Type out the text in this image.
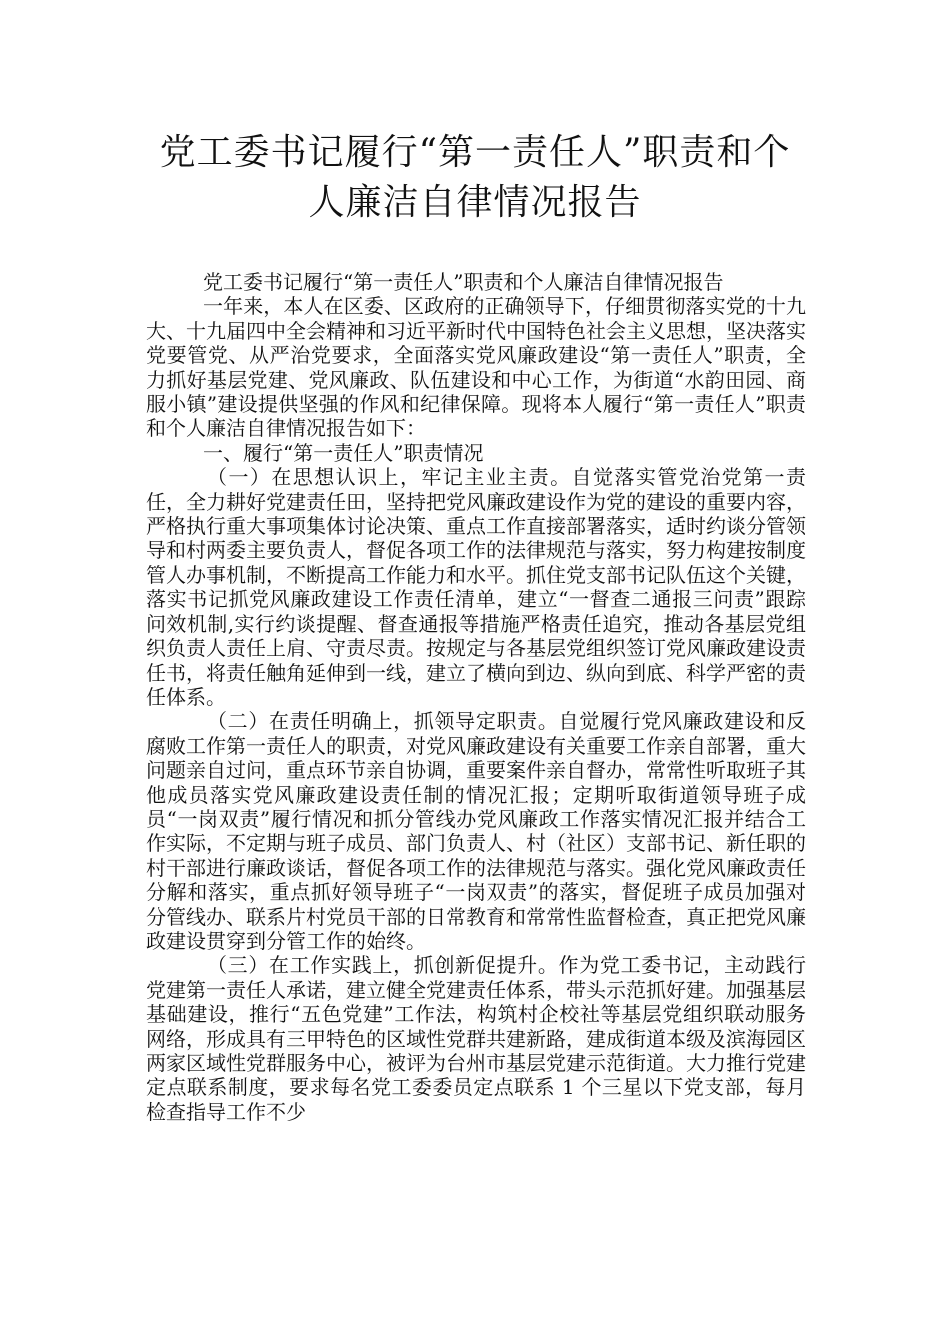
党工委书记履行“第一责任人”职责和个
人廉洁自律情况报告

党工委书记履行“第一责任人”职责和个人廉洁自律情况报告

一年来，本人在区委、区政府的正确领导下，仔细贯彻落实党的十九大、十九届四中全会精神和习近平新时代中国特色社会主义思想，坚决落实党要管党、从严治党要求，全面落实党风廉政建设“第一责任人”职责，全力抓好基层党建、党风廉政、队伍建设和中心工作，为街道“水韵田园、商服小镇”建设提供坚强的作风和纪律保障。现将本人履行“第一责任人”职责和个人廉洁自律情况报告如下：

一、履行“第一责任人”职责情况

（一）在思想认识上，牢记主业主责。自觉落实管党治党第一责任，全力耕好党建责任田，坚持把党风廉政建设作为党的建设的重要内容，严格执行重大事项集体讨论决策、重点工作直接部署落实，适时约谈分管领导和村两委主要负责人，督促各项工作的法律规范与落实，努力构建按制度管人办事机制，不断提高工作能力和水平。抓住党支部书记队伍这个关键，落实书记抓党风廉政建设工作责任清单，建立“一督查二通报三问责”跟踪问效机制,实行约谈提醒、督查通报等措施严格责任追究，推动各基层党组织负责人责任上肩、守责尽责。按规定与各基层党组织签订党风廉政建设责任书，将责任触角延伸到一线，建立了横向到边、纵向到底、科学严密的责任体系。

（二）在责任明确上，抓领导定职责。自觉履行党风廉政建设和反腐败工作第一责任人的职责，对党风廉政建设有关重要工作亲自部署，重大问题亲自过问，重点环节亲自协调，重要案件亲自督办，常常性听取班子其他成员落实党风廉政建设责任制的情况汇报；定期听取街道领导班子成员“一岗双责”履行情况和抓分管线办党风廉政工作落实情况汇报并结合工作实际，不定期与班子成员、部门负责人、村（社区）支部书记、新任职的村干部进行廉政谈话，督促各项工作的法律规范与落实。强化党风廉政责任分解和落实，重点抓好领导班子“一岗双责”的落实，督促班子成员加强对分管线办、联系片村党员干部的日常教育和常常性监督检查，真正把党风廉政建设贯穿到分管工作的始终。

（三）在工作实践上，抓创新促提升。作为党工委书记，主动践行党建第一责任人承诺，建立健全党建责任体系，带头示范抓好建。加强基层基础建设，推行“五色党建”工作法，构筑村企校社等基层党组织联动服务网络，形成具有三甲特色的区域性党群共建新路，建成街道本级及滨海园区两家区域性党群服务中心，被评为台州市基层党建示范街道。大力推行党建定点联系制度，要求每名党工委委员定点联系 1 个三星以下党支部，每月检查指导工作不少
